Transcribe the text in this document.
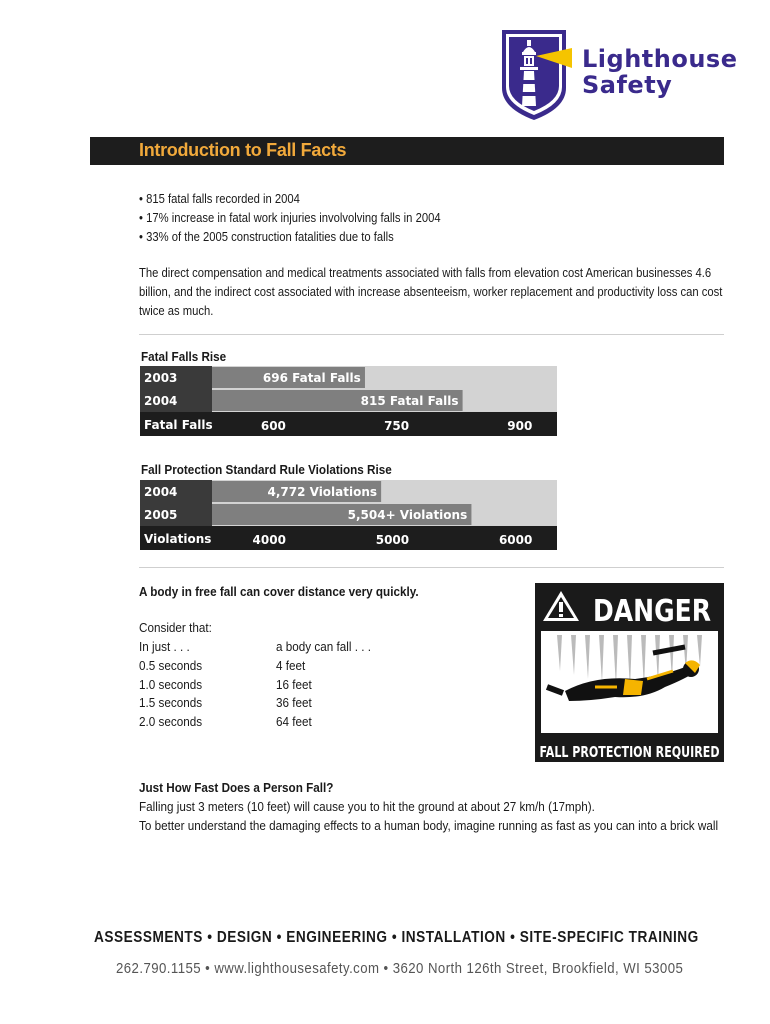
Lighthouse
Safety
Introduction to Fall Facts
• 815 fatal falls recorded in 2004
• 17% increase in fatal work injuries involvolving falls in 2004
• 33% of the 2005 construction fatalities due to falls
The direct compensation and medical treatments associated with falls from elevation cost American businesses 4.6 billion, and the indirect cost associated with increase absenteeism, worker replacement and productivity loss can cost twice as much.
Fatal Falls Rise
2003	696 Fatal Falls
2004	815 Fatal Falls
Fatal Falls	600	750	900
Fall Protection Standard Rule Violations Rise
2004	4,772 Violations
2005	5,504+ Violations
Violations	4000	5000	6000
A body in free fall can cover distance very quickly.
Consider that:
In just . . .	a body can fall . . .
0.5 seconds	4 feet
1.0 seconds	16 feet
1.5 seconds	36 feet
2.0 seconds	64 feet
DANGER
FALL PROTECTION REQUIRED
Just How Fast Does a Person Fall?
Falling just 3 meters (10 feet) will cause you to hit the ground at about 27 km/h (17mph).
To better understand the damaging effects to a human body, imagine running as fast as you can into a brick wall
ASSESSMENTS • DESIGN • ENGINEERING • INSTALLATION • SITE-SPECIFIC TRAINING
262.790.1155 • www.lighthousesafety.com • 3620 North 126th Street, Brookfield, WI 53005
